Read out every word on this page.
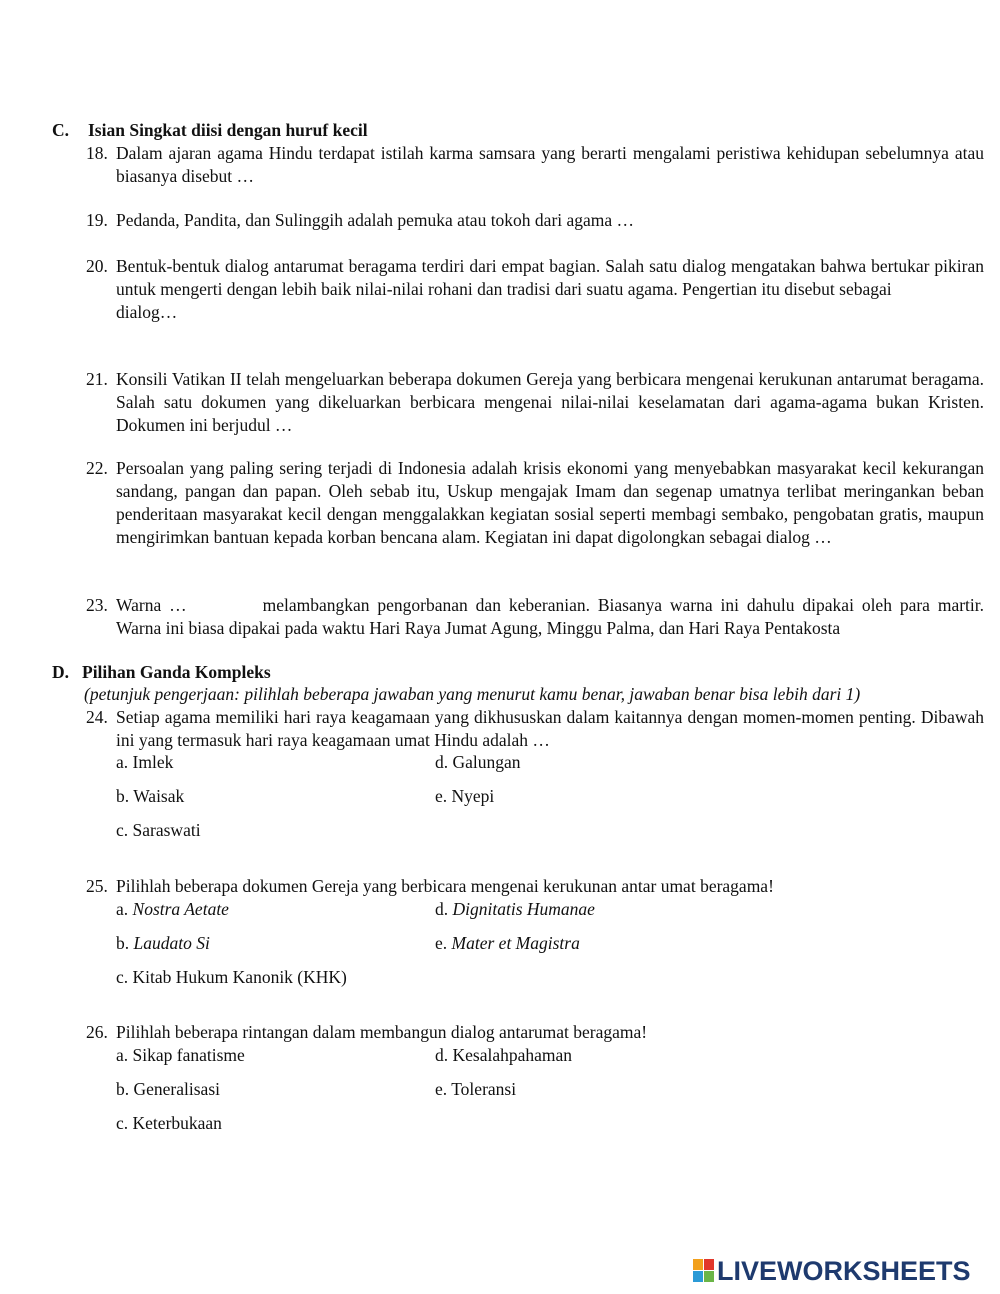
C. Isian Singkat diisi dengan huruf kecil
18. Dalam ajaran agama Hindu terdapat istilah karma samsara yang berarti mengalami peristiwa kehidupan sebelumnya atau biasanya disebut …
19. Pedanda, Pandita, dan Sulinggih adalah pemuka atau tokoh dari agama …
20. Bentuk-bentuk dialog antarumat beragama terdiri dari empat bagian. Salah satu dialog mengatakan bahwa bertukar pikiran untuk mengerti dengan lebih baik nilai-nilai rohani dan tradisi dari suatu agama. Pengertian itu disebut sebagai
dialog…
21. Konsili Vatikan II telah mengeluarkan beberapa dokumen Gereja yang berbicara mengenai kerukunan antarumat beragama. Salah satu dokumen yang dikeluarkan berbicara mengenai nilai-nilai keselamatan dari agama-agama bukan Kristen. Dokumen ini berjudul …
22. Persoalan yang paling sering terjadi di Indonesia adalah krisis ekonomi yang menyebabkan masyarakat kecil kekurangan sandang, pangan dan papan. Oleh sebab itu, Uskup mengajak Imam dan segenap umatnya terlibat meringankan beban penderitaan masyarakat kecil dengan menggalakkan kegiatan sosial seperti membagi sembako, pengobatan gratis, maupun mengirimkan bantuan kepada korban bencana alam. Kegiatan ini dapat digolongkan sebagai dialog …
23. Warna …	melambangkan pengorbanan dan keberanian. Biasanya warna ini dahulu dipakai oleh para martir. Warna ini biasa dipakai pada waktu Hari Raya Jumat Agung, Minggu Palma, dan Hari Raya Pentakosta
D. Pilihan Ganda Kompleks
(petunjuk pengerjaan: pilihlah beberapa jawaban yang menurut kamu benar, jawaban benar bisa lebih dari 1)
24. Setiap agama memiliki hari raya keagamaan yang dikhususkan dalam kaitannya dengan momen-momen penting. Dibawah ini yang termasuk hari raya keagamaan umat Hindu adalah …
a. Imlek
b. Waisak
c. Saraswati
d. Galungan
e. Nyepi
25. Pilihlah beberapa dokumen Gereja yang berbicara mengenai kerukunan antar umat beragama!
a. Nostra Aetate
b. Laudato Si
c. Kitab Hukum Kanonik (KHK)
d. Dignitatis Humanae
e. Mater et Magistra
26. Pilihlah beberapa rintangan dalam membangun dialog antarumat beragama!
a. Sikap fanatisme
b. Generalisasi
c. Keterbukaan
d. Kesalahpahaman
e. Toleransi
LIVEWORKSHEETS
